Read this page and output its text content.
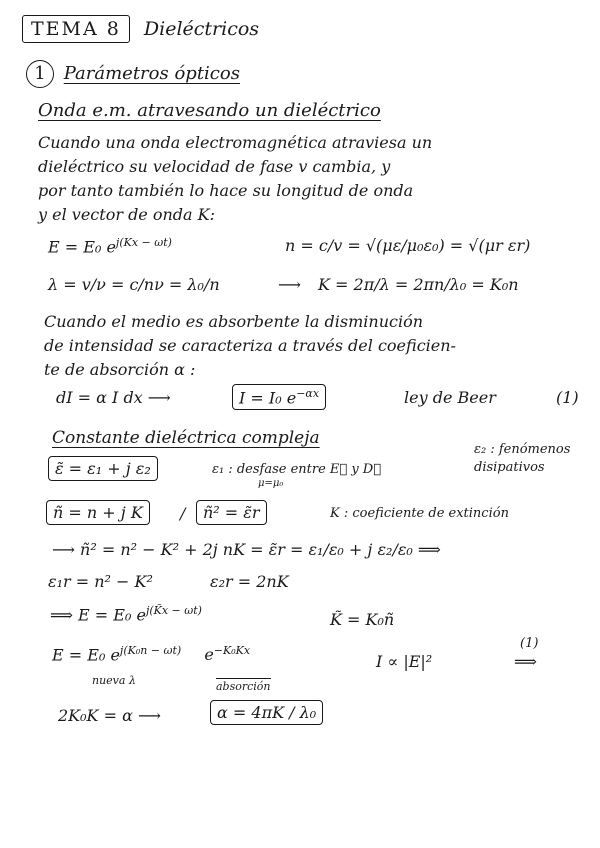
TEMA 8 Dieléctricos
1 Parámetros ópticos
Onda e.m. atravesando un dieléctrico
Cuando una onda electromagnética atraviesa un
dieléctrico su velocidad de fase v cambia, y
por tanto también lo hace su longitud de onda
y el vector de onda K:
E = E₀ $e^{j(Kx - \omega t)}$	n = c/v = √(με/μ₀ε₀) = √(μr εr)
λ = v/ν = c/nν = λ₀/n	⟶ K = 2π/λ = 2πn/λ₀ = K₀n
Cuando el medio es absorbente la disminución
de intensidad se caracteriza a través del coeficien-
te de absorción α :
dI = α I dx ⟶	I = I₀ $e^{-\alpha x}$	ley de Beer	(1)
Constante dieléctrica compleja
ε₂ : fenómenos
disipativos
ε̃ = ε₁ + j ε₂	ε₁ : desfase entre E⃗ y D⃗
μ=μ₀
ñ = n + j K	/	ñ² = ε̃r	K : coeficiente de extinción
⟶ ñ² = n² − K² + 2j nK = ε̃r = ε₁/ε₀ + j ε₂/ε₀ ⟹
ε₁r = n² − K²	ε₂r = 2nK
⟹ E = E₀ $e^{j(K̃x - \omega t)}$	K̃ = K₀ñ
E = E₀ $e^{j(K_0n - \omega t)}$ $e^{-K_0Kx}$
nueva λ	absorción
I ∝ |E|²
(1)
⟹
2K₀K = α ⟶	α = 4πK / λ₀
